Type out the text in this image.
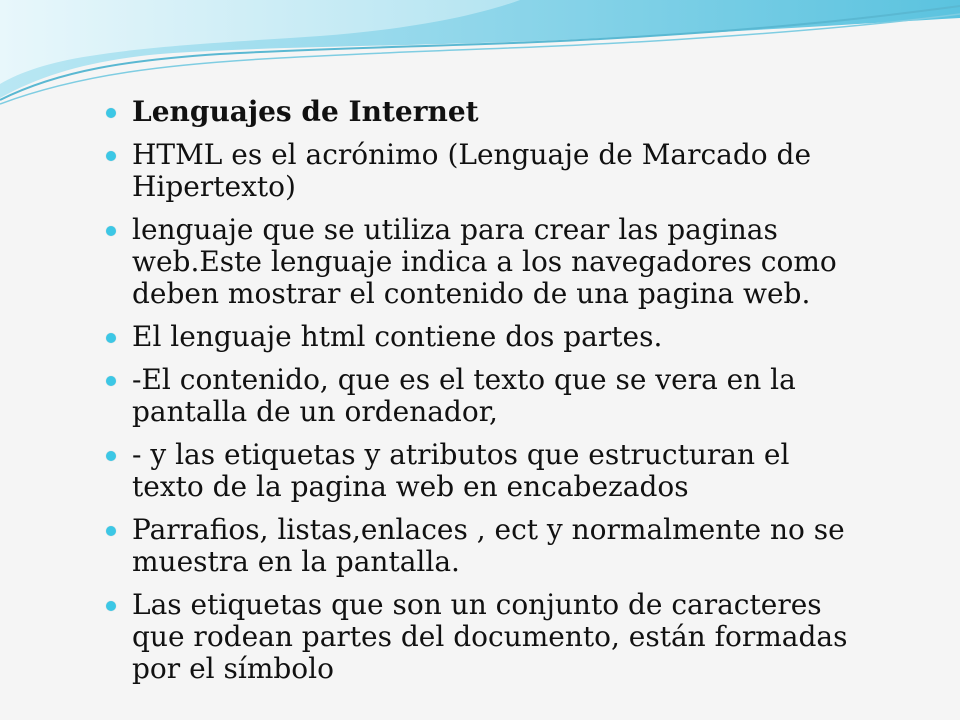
Lenguajes de Internet
HTML es el acrónimo (Lenguaje de Marcado de Hipertexto)
lenguaje que se utiliza para crear las paginas web.Este lenguaje indica a los navegadores como deben mostrar el contenido de una pagina web.
El lenguaje html contiene dos partes.
-El contenido, que es el texto que se vera en la pantalla de un ordenador,
- y las etiquetas y atributos que estructuran el texto de la pagina web en encabezados
Parrafios, listas,enlaces , ect y normalmente no se muestra en la pantalla.
Las etiquetas que son un conjunto de caracteres que rodean partes del documento, están formadas por el símbolo
